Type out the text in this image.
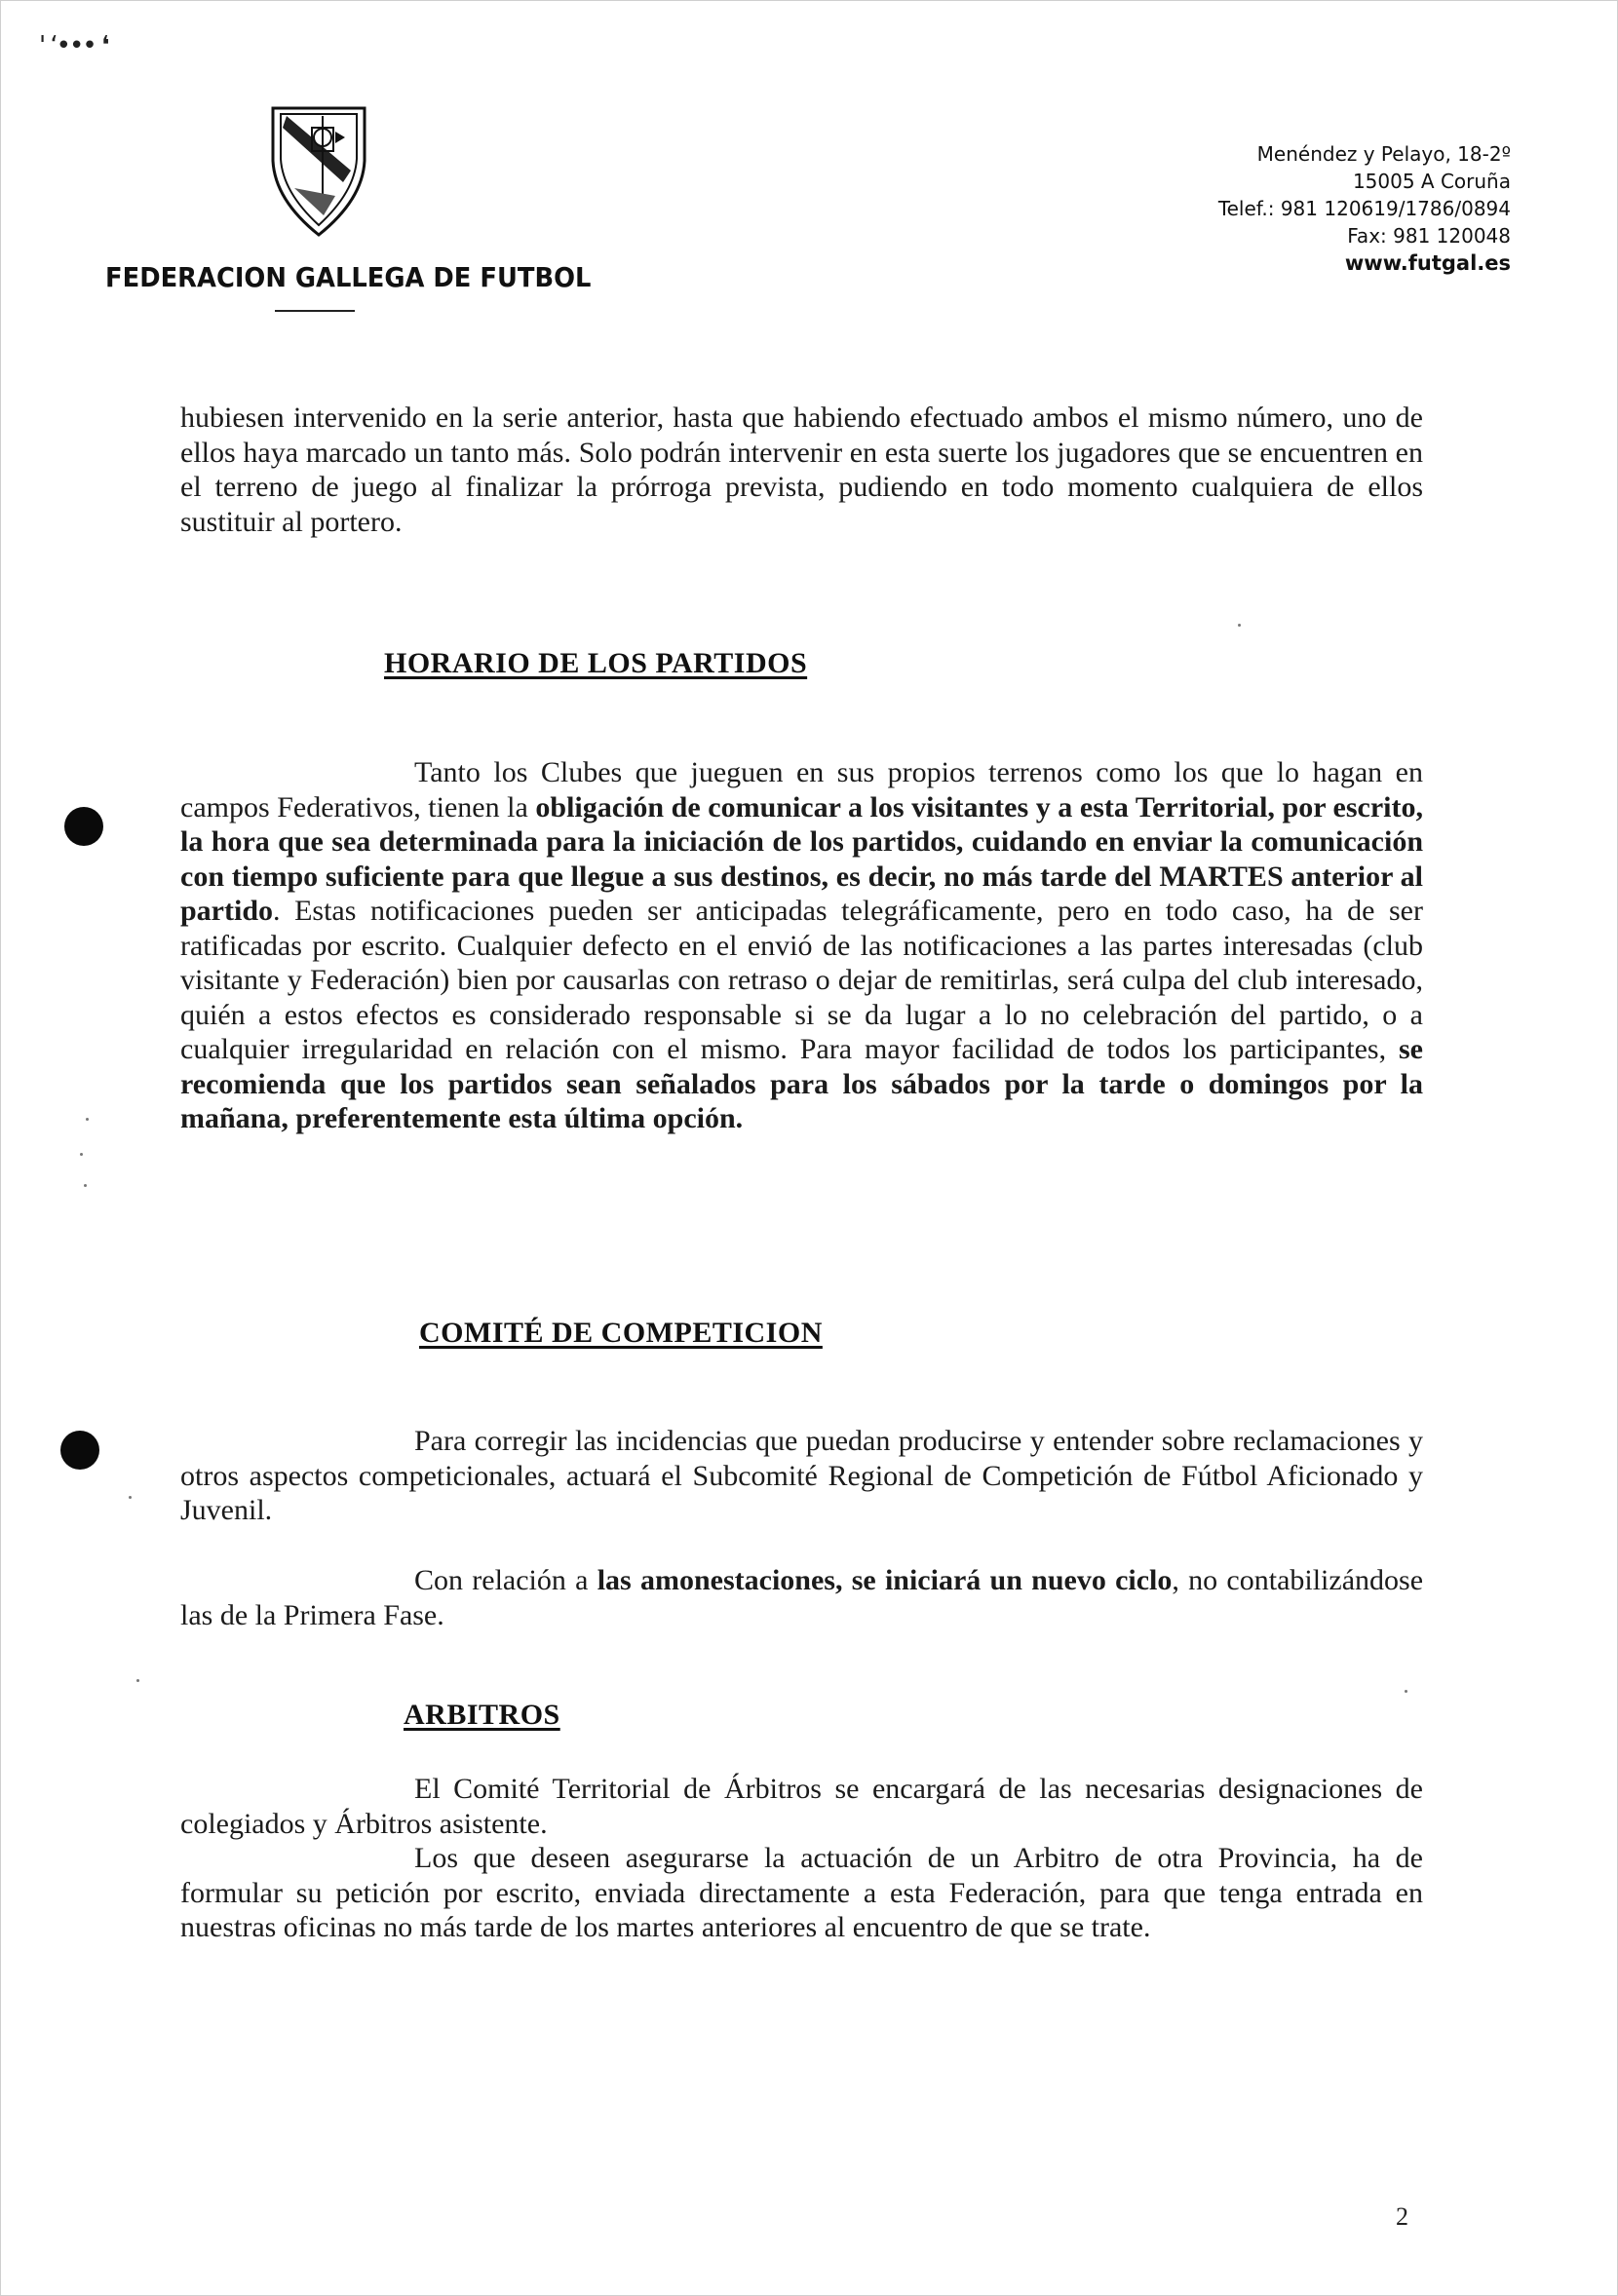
' ‘••• ❛
FEDERACION GALLEGA DE FUTBOL
Menéndez y Pelayo, 18-2º
15005 A Coruña
Telef.: 981 120619/1786/0894
Fax: 981 120048
www.futgal.es
hubiesen intervenido en la serie anterior, hasta que habiendo efectuado ambos el mismo número, uno de ellos haya marcado un tanto más. Solo podrán intervenir en esta suerte los jugadores que se encuentren en el terreno de juego al finalizar la prórroga prevista, pudiendo en todo momento cualquiera de ellos sustituir al portero.
HORARIO DE LOS PARTIDOS
Tanto los Clubes que jueguen en sus propios terrenos como los que lo hagan en campos Federativos, tienen la obligación de comunicar a los visitantes y a esta Territorial, por escrito, la hora que sea determinada para la iniciación de los partidos, cuidando en enviar la comunicación con tiempo suficiente para que llegue a sus destinos, es decir, no más tarde del MARTES anterior al partido. Estas notificaciones pueden ser anticipadas telegráficamente, pero en todo caso, ha de ser ratificadas por escrito. Cualquier defecto en el envió de las notificaciones a las partes interesadas (club visitante y Federación) bien por causarlas con retraso o dejar de remitirlas, será culpa del club interesado, quién a estos efectos es considerado responsable si se da lugar a lo no celebración del partido, o a cualquier irregularidad en relación con el mismo. Para mayor facilidad de todos los participantes, se recomienda que los partidos sean señalados para los sábados por la tarde o domingos por la mañana, preferentemente esta última opción.
COMITÉ DE COMPETICION
Para corregir las incidencias que puedan producirse y entender sobre reclamaciones y otros aspectos competicionales, actuará el Subcomité Regional de Competición de Fútbol Aficionado y Juvenil.
Con relación a las amonestaciones, se iniciará un nuevo ciclo, no contabilizándose las de la Primera Fase.
ARBITROS
El Comité Territorial de Árbitros se encargará de las necesarias designaciones de colegiados y Árbitros asistente.
Los que deseen asegurarse la actuación de un Arbitro de otra Provincia, ha de formular su petición por escrito, enviada directamente a esta Federación, para que tenga entrada en nuestras oficinas no más tarde de los martes anteriores al encuentro de que se trate.
2
